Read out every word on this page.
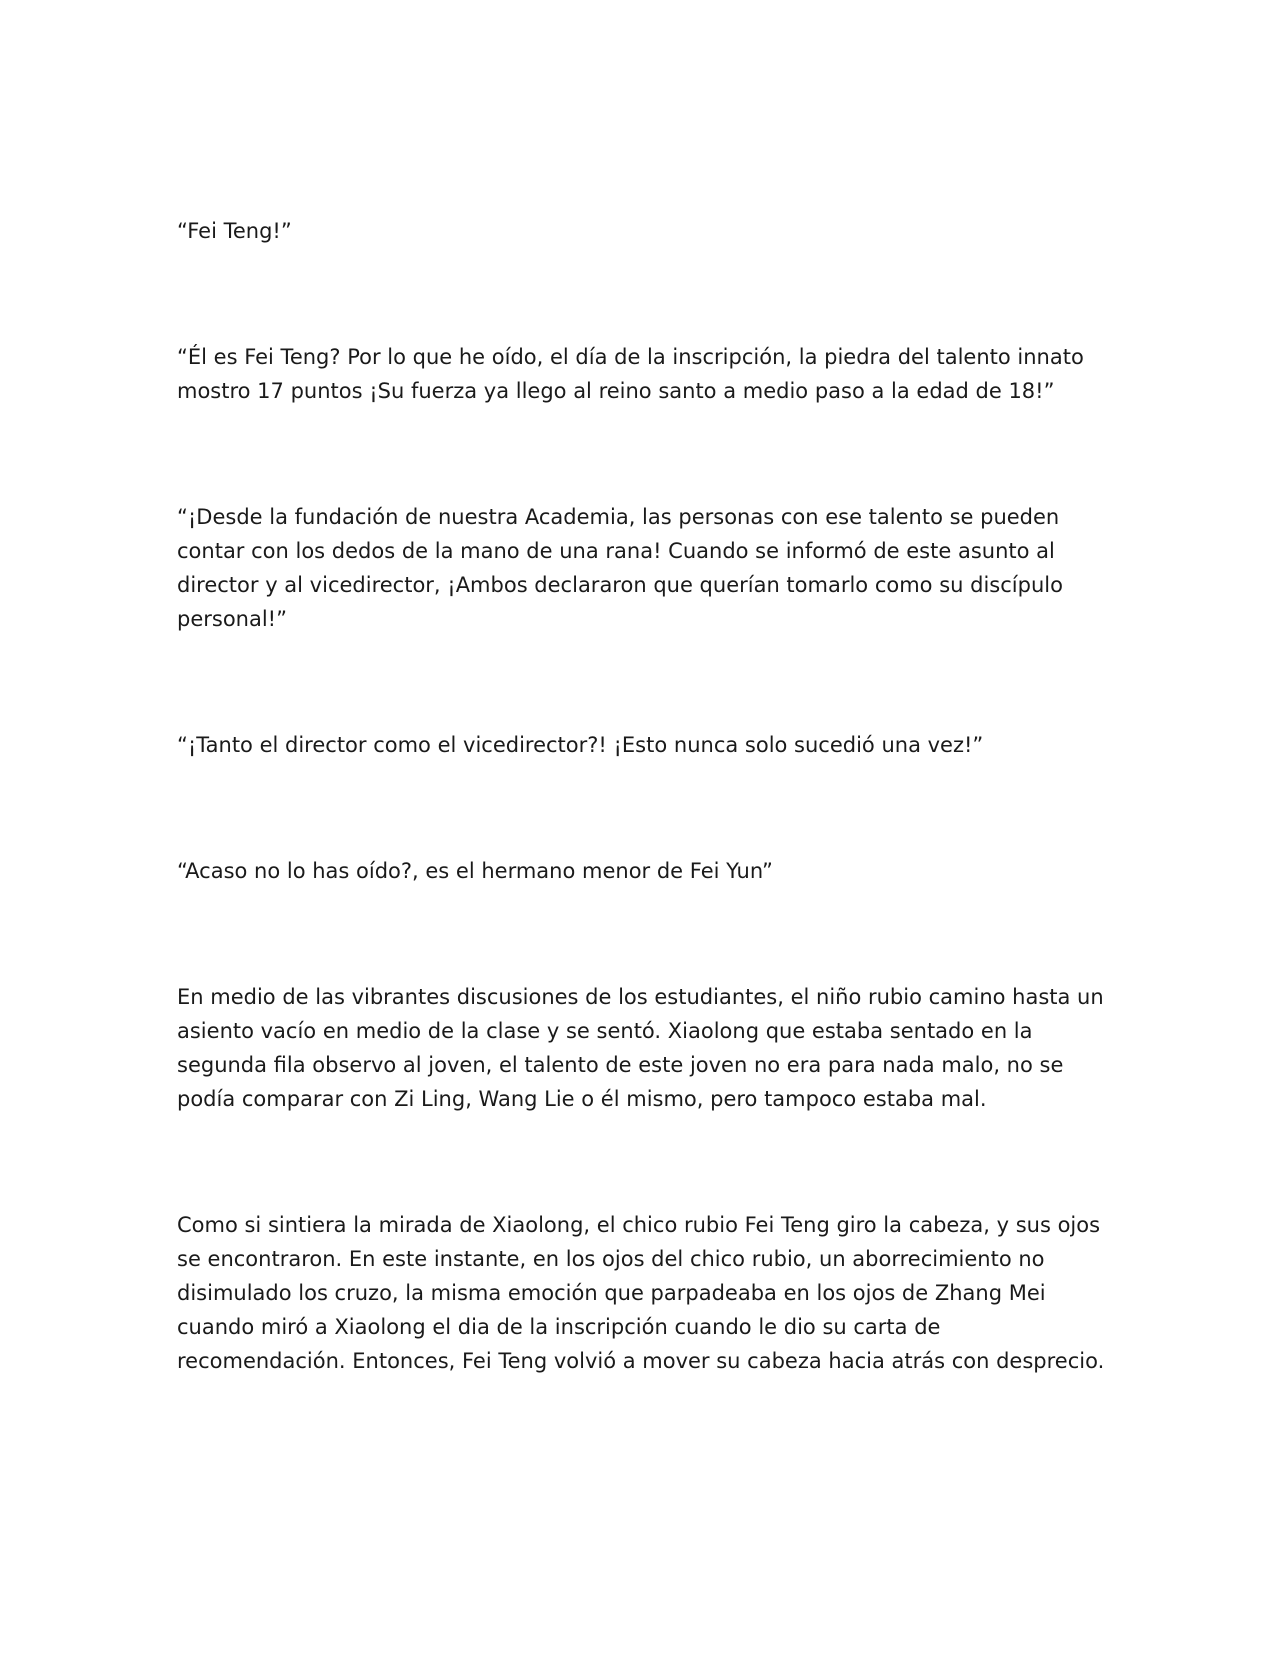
“Fei Teng!”

“Él es Fei Teng? Por lo que he oído, el día de la inscripción, la piedra del talento innato mostro 17 puntos ¡Su fuerza ya llego al reino santo a medio paso a la edad de 18!”

“¡Desde la fundación de nuestra Academia, las personas con ese talento se pueden contar con los dedos de la mano de una rana! Cuando se informó de este asunto al director y al vicedirector, ¡Ambos declararon que querían tomarlo como su discípulo personal!”

“¡Tanto el director como el vicedirector?! ¡Esto nunca solo sucedió una vez!”

“Acaso no lo has oído?, es el hermano menor de Fei Yun”

En medio de las vibrantes discusiones de los estudiantes, el niño rubio camino hasta un asiento vacío en medio de la clase y se sentó. Xiaolong que estaba sentado en la segunda fila observo al joven, el talento de este joven no era para nada malo, no se podía comparar con Zi Ling, Wang Lie o él mismo, pero tampoco estaba mal.

Como si sintiera la mirada de Xiaolong, el chico rubio Fei Teng giro la cabeza, y sus ojos se encontraron. En este instante, en los ojos del chico rubio, un aborrecimiento no disimulado los cruzo, la misma emoción que parpadeaba en los ojos de Zhang Mei cuando miró a Xiaolong el dia de la inscripción cuando le dio su carta de recomendación. Entonces, Fei Teng volvió a mover su cabeza hacia atrás con desprecio.
